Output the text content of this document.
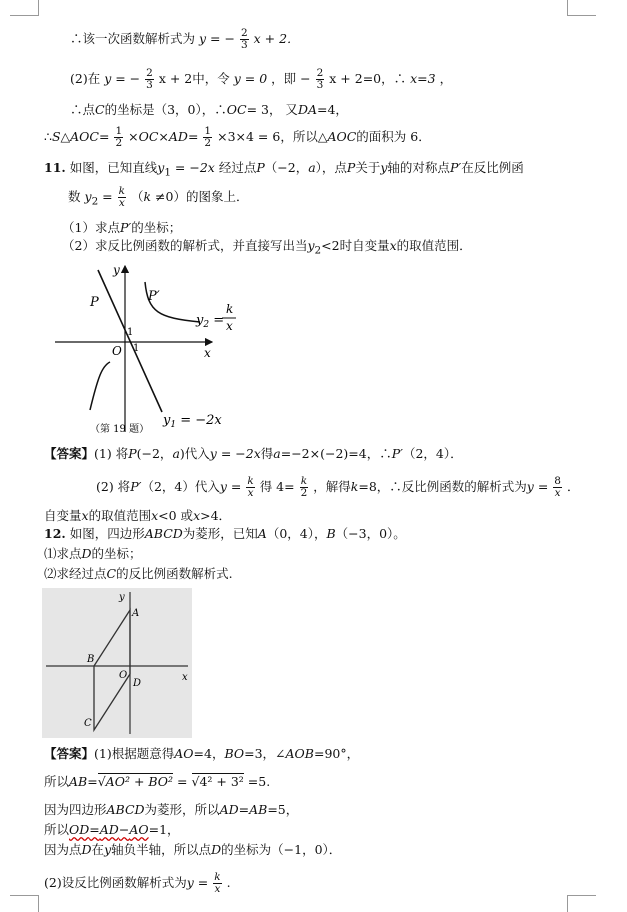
∴该一次函数解析式为 y = − $\frac{2}{3}$ x + 2．
(2)在 y = − $\frac{2}{3}$ x + 2中，令 y = 0 ，即 − $\frac{2}{3}$ x + 2=0，∴ x=3 ，
∴点C的坐标是（3，0），∴OC= 3， 又DA=4，
∴S△AOC= $\frac{1}{2} \times OC\times AD= \frac{1}{2} \times 3\times 4 = 6$，所以△AOC的面积为 6．
11. 如图，已知直线$y_1 = -2x$ 经过点P（−2，a），点P关于y轴的对称点P′在反比例函
数 $y_2 = \frac{k}{x} (k \ne 0)$的图象上．
（1）求点P′的坐标；
（2）求反比例函数的解析式，并直接写出当$y_2<2$时自变量x的取值范围．
y
x
O 1
1
P	P′
$y_2$ =
k
x
（第 19 题）
$y_1 = -2x$
【答案】(1) 将P(−2，a)代入y = −2x得a=−2×(−2)=4，∴P′（2，4）．
(2) 将P′（2，4）代入$y = \frac{k}{x}$ 得 $4= \frac{k}{2}$ ，解得k=8，∴反比例函数的解析式为$y = \frac{8}{x}$ ．
自变量x的取值范围x<0 或x>4．
12. 如图，四边形ABCD为菱形，已知A（0，4），B（−3，0）。
⑴求点D的坐标；
⑵求经过点C的反比例函数解析式.
y
x
A
B
O
D
C
【答案】(1)根据题意得AO=4，BO=3，∠AOB=90°，
所以AB=√AO² + BO² = √4² + 3² =5.
因为四边形ABCD为菱形，所以AD=AB=5，
所以OD=AD−AO=1，
因为点D在y轴负半轴，所以点D的坐标为（−1，0）．
(2)设反比例函数解析式为$y = \frac{k}{x}$ .
